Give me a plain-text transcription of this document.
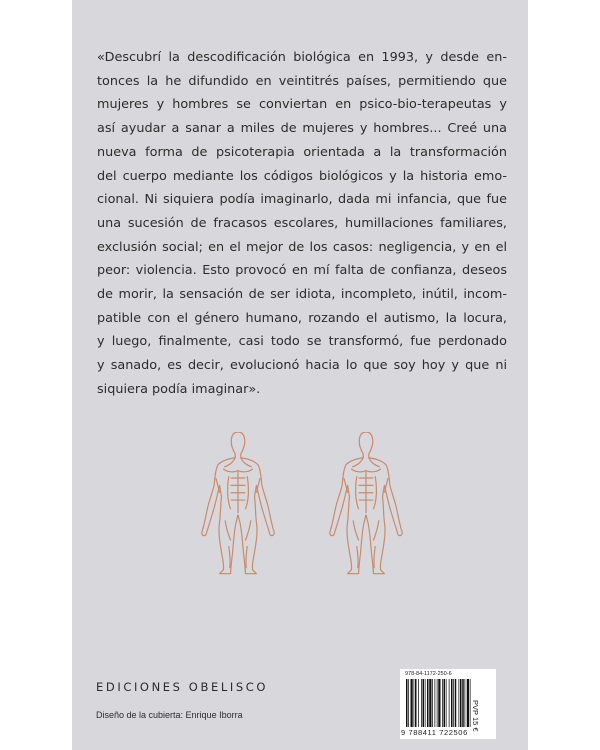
«Descubrí la descodificación biológica en 1993, y desde en-
tonces la he difundido en veintitrés países, permitiendo que
mujeres y hombres se conviertan en psico-bio-terapeutas y
así ayudar a sanar a miles de mujeres y hombres... Creé una
nueva forma de psicoterapia orientada a la transformación
del cuerpo mediante los códigos biológicos y la historia emo-
cional. Ni siquiera podía imaginarlo, dada mi infancia, que fue
una sucesión de fracasos escolares, humillaciones familiares,
exclusión social; en el mejor de los casos: negligencia, y en el
peor: violencia. Esto provocó en mí falta de confianza, deseos
de morir, la sensación de ser idiota, incompleto, inútil, incom-
patible con el género humano, rozando el autismo, la locura,
y luego, finalmente, casi todo se transformó, fue perdonado
y sanado, es decir, evolucionó hacia lo que soy hoy y que ni
siquiera podía imaginar».
EDICIONES OBELISCO
Diseño de la cubierta: Enrique Iborra
978-84-1172-250-6
9 788411 722506
PVP 15 €
